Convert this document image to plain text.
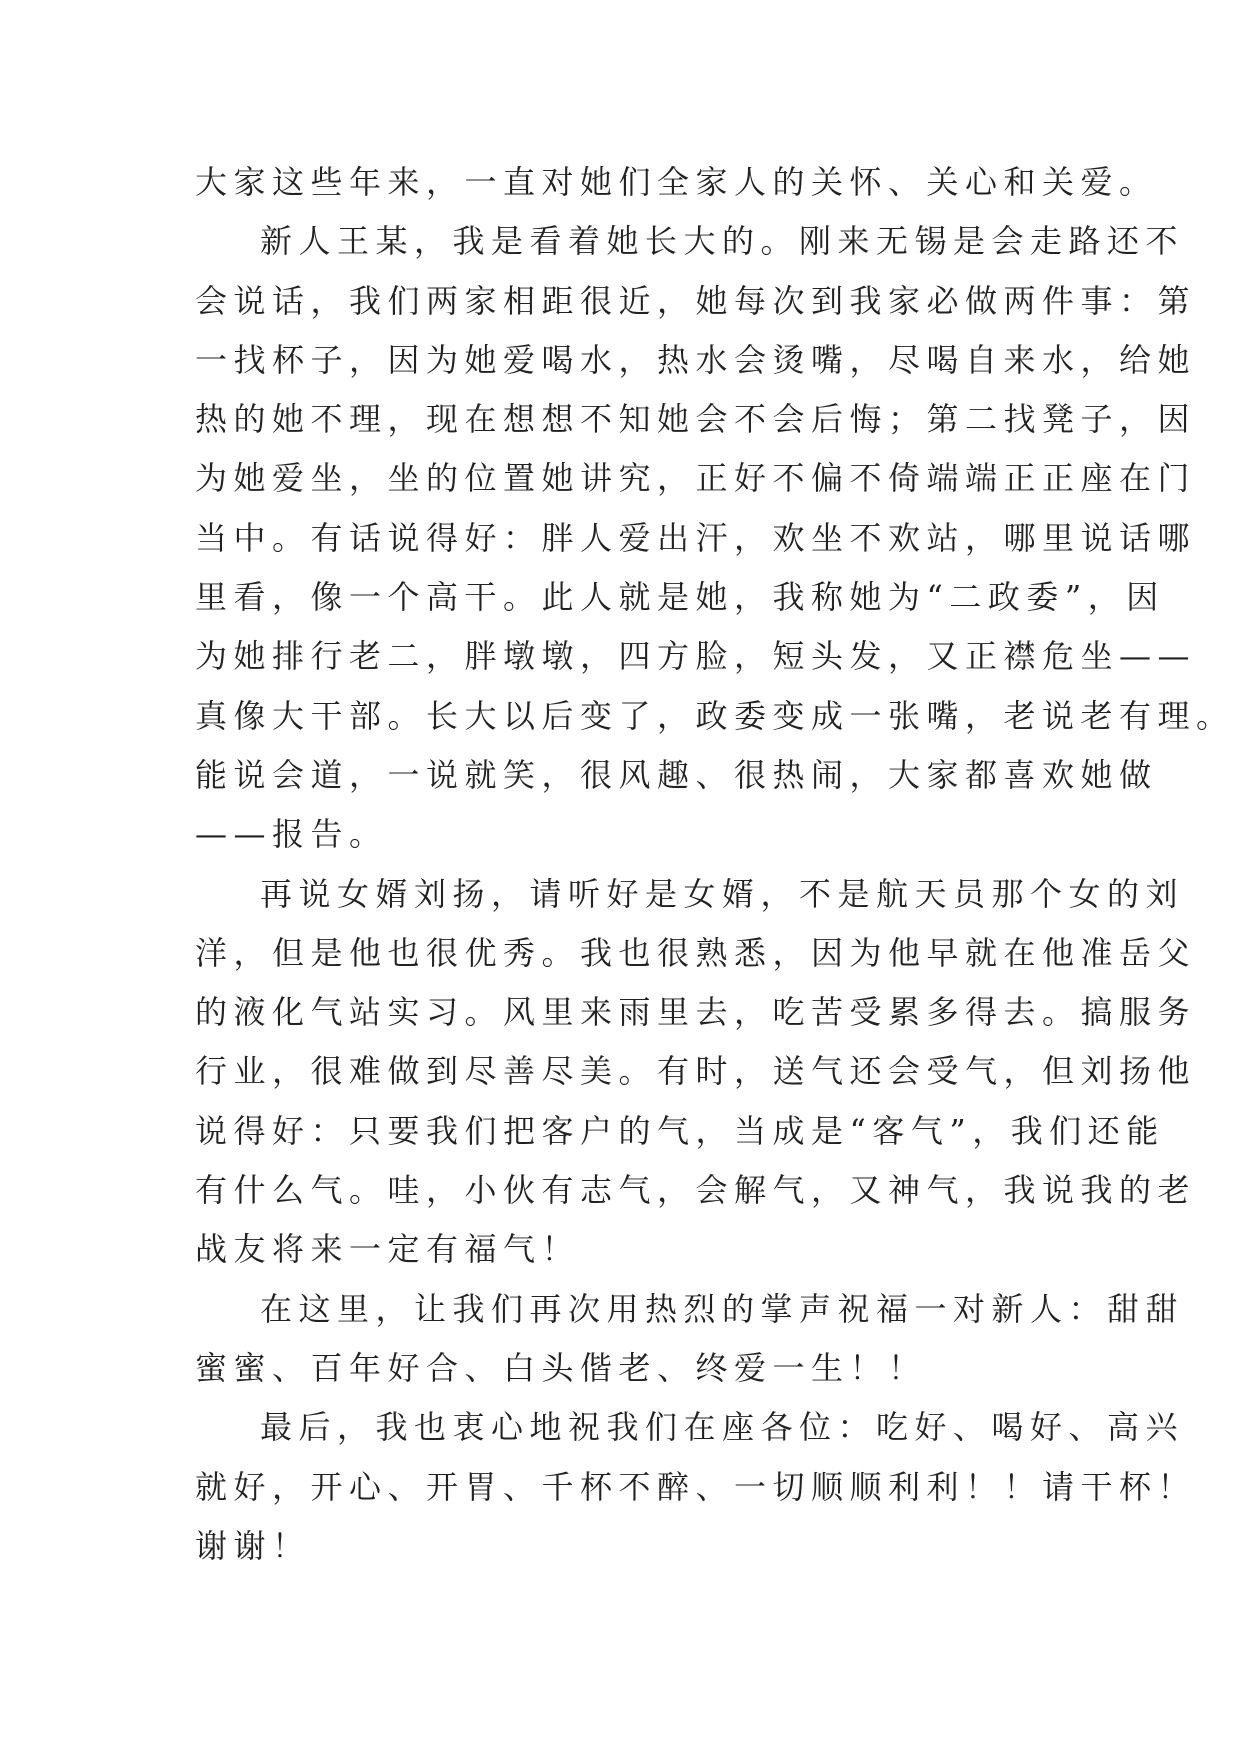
大家这些年来，一直对她们全家人的关怀、关心和关爱。
新人王某，我是看着她长大的。刚来无锡是会走路还不
会说话，我们两家相距很近，她每次到我家必做两件事：第
一找杯子，因为她爱喝水，热水会烫嘴，尽喝自来水，给她
热的她不理，现在想想不知她会不会后悔；第二找凳子，因
为她爱坐，坐的位置她讲究，正好不偏不倚端端正正座在门
当中。有话说得好：胖人爱出汗，欢坐不欢站，哪里说话哪
里看，像一个高干。此人就是她，我称她为“二政委”，因
为她排行老二，胖墩墩，四方脸，短头发，又正襟危坐——
真像大干部。长大以后变了，政委变成一张嘴，老说老有理。
能说会道，一说就笑，很风趣、很热闹，大家都喜欢她做
——报告。
再说女婿刘扬，请听好是女婿，不是航天员那个女的刘
洋，但是他也很优秀。我也很熟悉，因为他早就在他准岳父
的液化气站实习。风里来雨里去，吃苦受累多得去。搞服务
行业，很难做到尽善尽美。有时，送气还会受气，但刘扬他
说得好：只要我们把客户的气，当成是“客气”，我们还能
有什么气。哇，小伙有志气，会解气，又神气，我说我的老
战友将来一定有福气！
在这里，让我们再次用热烈的掌声祝福一对新人：甜甜
蜜蜜、百年好合、白头偕老、终爱一生！！
最后，我也衷心地祝我们在座各位：吃好、喝好、高兴
就好，开心、开胃、千杯不醉、一切顺顺利利！！请干杯！
谢谢！
